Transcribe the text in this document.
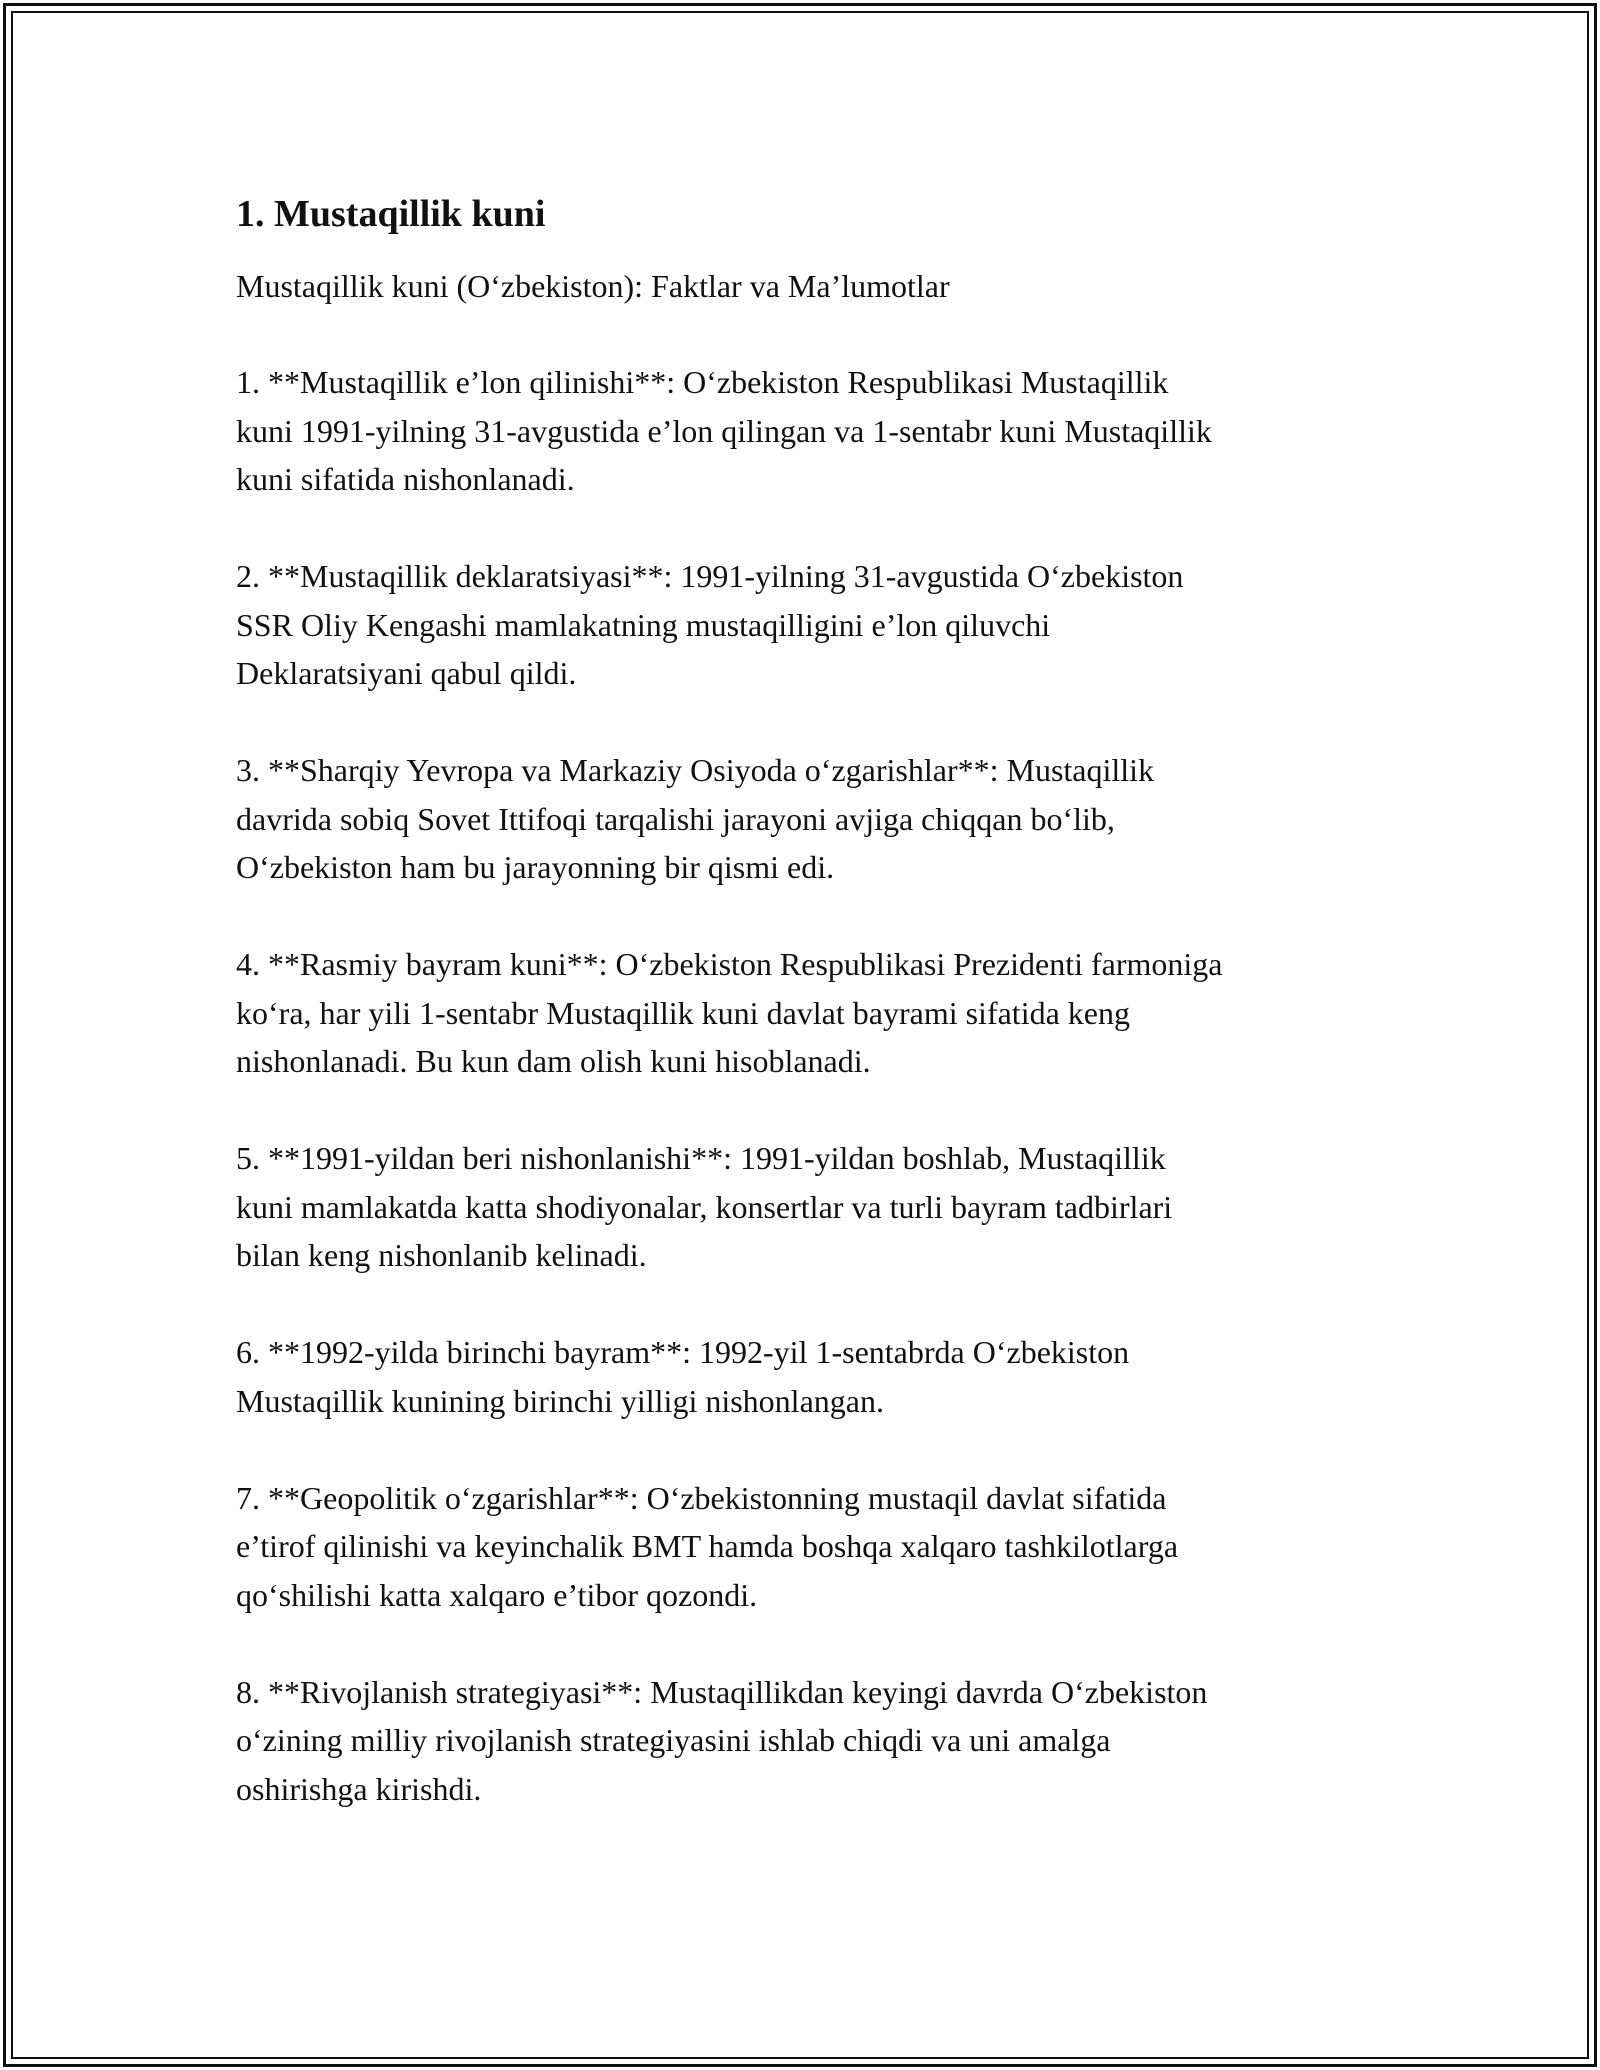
1. Mustaqillik kuni
Mustaqillik kuni (O‘zbekiston): Faktlar va Ma’lumotlar
1. **Mustaqillik e’lon qilinishi**: O‘zbekiston Respublikasi Mustaqillik
kuni 1991-yilning 31-avgustida e’lon qilingan va 1-sentabr kuni Mustaqillik
kuni sifatida nishonlanadi.
2. **Mustaqillik deklaratsiyasi**: 1991-yilning 31-avgustida O‘zbekiston
SSR Oliy Kengashi mamlakatning mustaqilligini e’lon qiluvchi
Deklaratsiyani qabul qildi.
3. **Sharqiy Yevropa va Markaziy Osiyoda o‘zgarishlar**: Mustaqillik
davrida sobiq Sovet Ittifoqi tarqalishi jarayoni avjiga chiqqan bo‘lib,
O‘zbekiston ham bu jarayonning bir qismi edi.
4. **Rasmiy bayram kuni**: O‘zbekiston Respublikasi Prezidenti farmoniga
ko‘ra, har yili 1-sentabr Mustaqillik kuni davlat bayrami sifatida keng
nishonlanadi. Bu kun dam olish kuni hisoblanadi.
5. **1991-yildan beri nishonlanishi**: 1991-yildan boshlab, Mustaqillik
kuni mamlakatda katta shodiyonalar, konsertlar va turli bayram tadbirlari
bilan keng nishonlanib kelinadi.
6. **1992-yilda birinchi bayram**: 1992-yil 1-sentabrda O‘zbekiston
Mustaqillik kunining birinchi yilligi nishonlangan.
7. **Geopolitik o‘zgarishlar**: O‘zbekistonning mustaqil davlat sifatida
e’tirof qilinishi va keyinchalik BMT hamda boshqa xalqaro tashkilotlarga
qo‘shilishi katta xalqaro e’tibor qozondi.
8. **Rivojlanish strategiyasi**: Mustaqillikdan keyingi davrda O‘zbekiston
o‘zining milliy rivojlanish strategiyasini ishlab chiqdi va uni amalga
oshirishga kirishdi.
